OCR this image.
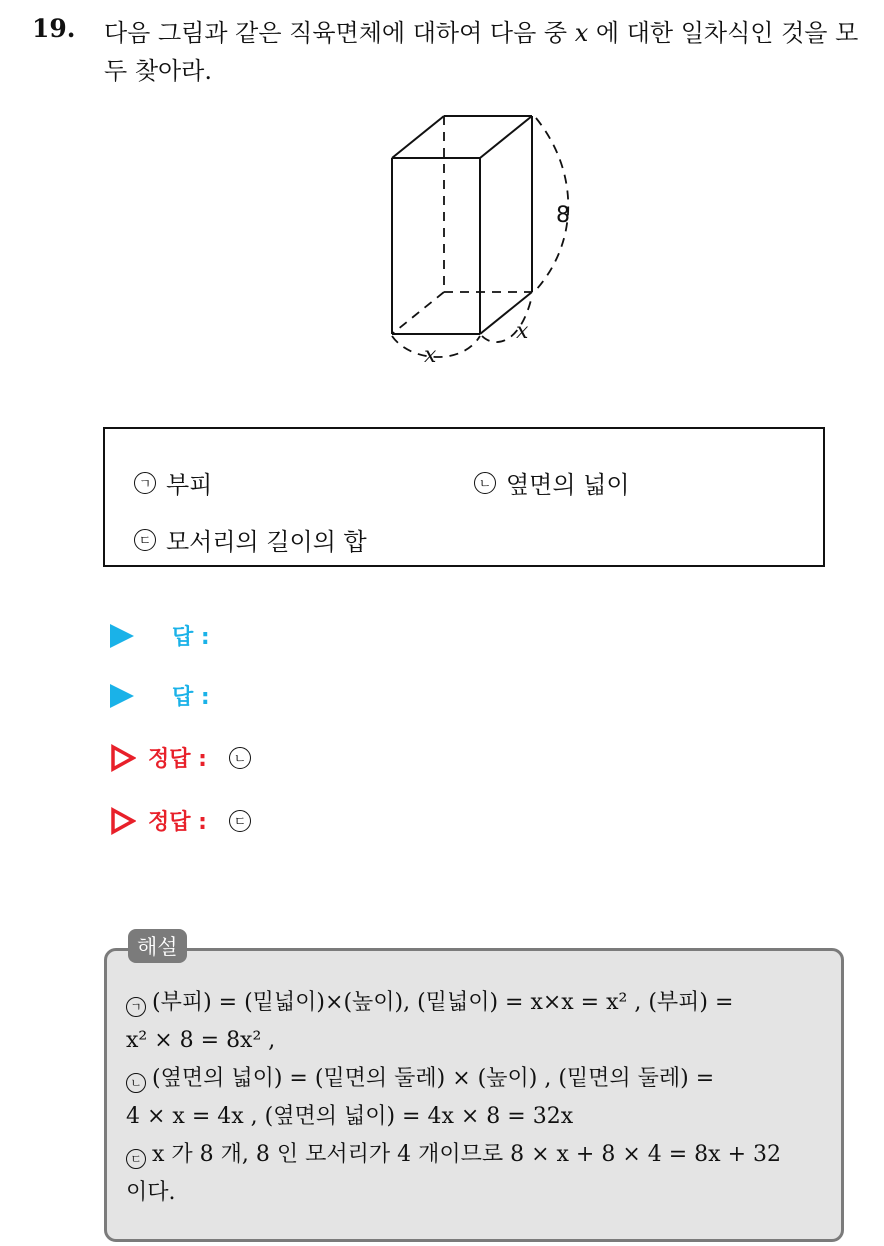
19. 다음 그림과 같은 직육면체에 대하여 다음 중 x 에 대한 일차식인 것을 모두 찾아라.
8
x
x
ㄱ 부피	ㄴ 옆면의 넓이
ㄷ 모서리의 길이의 합
답 :
답 :
정답 :	ㄴ
정답 :	ㄷ
해설
ㄱ (부피) = (밑넓이)×(높이), (밑넓이) = x×x = x² , (부피) =
x² × 8 = 8x² ,
ㄴ (옆면의 넓이) = (밑면의 둘레) × (높이) , (밑면의 둘레) =
4 × x = 4x , (옆면의 넓이) = 4x × 8 = 32x
ㄷ x 가 8 개, 8 인 모서리가 4 개이므로 8 × x + 8 × 4 = 8x + 32
이다.
